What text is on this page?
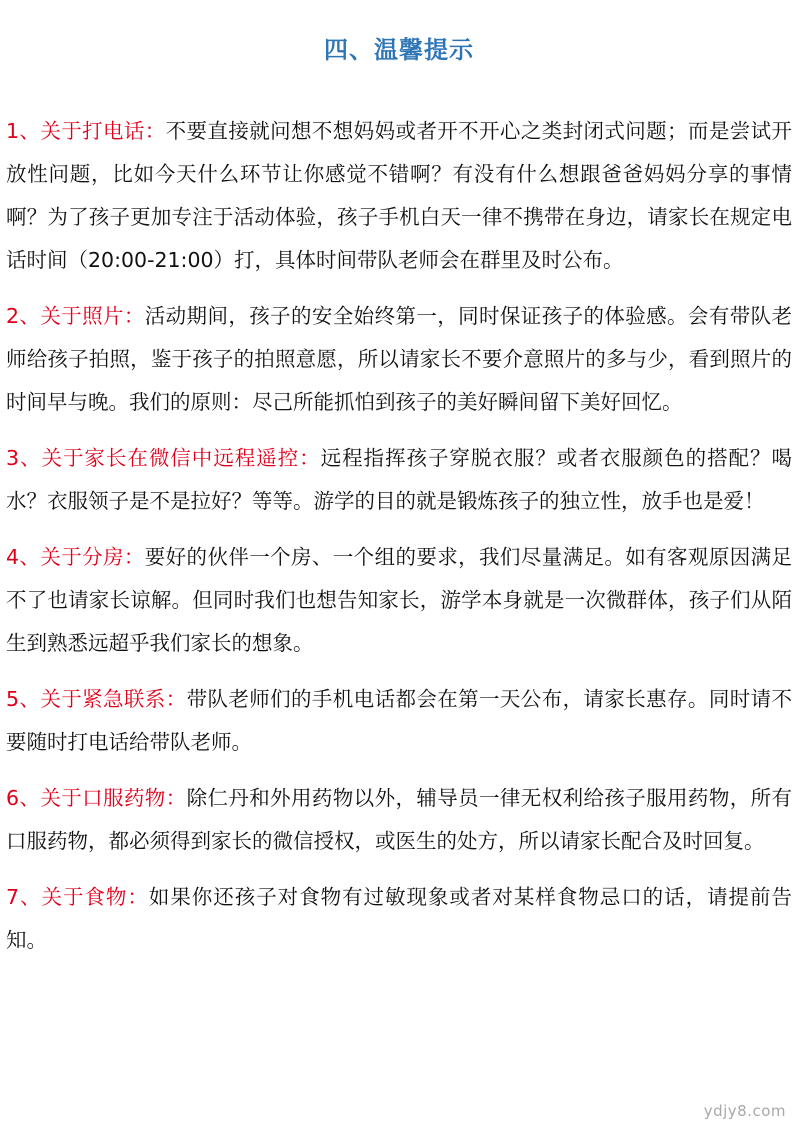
四、温馨提示
1、关于打电话：不要直接就问想不想妈妈或者开不开心之类封闭式问题；而是尝试开放性问题，比如今天什么环节让你感觉不错啊？有没有什么想跟爸爸妈妈分享的事情啊？为了孩子更加专注于活动体验，孩子手机白天一律不携带在身边，请家长在规定电话时间（20:00-21:00）打，具体时间带队老师会在群里及时公布。
2、关于照片：活动期间，孩子的安全始终第一，同时保证孩子的体验感。会有带队老师给孩子拍照，鉴于孩子的拍照意愿，所以请家长不要介意照片的多与少，看到照片的时间早与晚。我们的原则：尽己所能抓怕到孩子的美好瞬间留下美好回忆。
3、关于家长在微信中远程遥控：远程指挥孩子穿脱衣服？或者衣服颜色的搭配？喝水？衣服领子是不是拉好？等等。游学的目的就是锻炼孩子的独立性，放手也是爱！
4、关于分房：要好的伙伴一个房、一个组的要求，我们尽量满足。如有客观原因满足不了也请家长谅解。但同时我们也想告知家长，游学本身就是一次微群体，孩子们从陌生到熟悉远超乎我们家长的想象。
5、关于紧急联系：带队老师们的手机电话都会在第一天公布，请家长惠存。同时请不要随时打电话给带队老师。
6、关于口服药物：除仁丹和外用药物以外，辅导员一律无权利给孩子服用药物，所有口服药物，都必须得到家长的微信授权，或医生的处方，所以请家长配合及时回复。
7、关于食物：如果你还孩子对食物有过敏现象或者对某样食物忌口的话，请提前告知。
ydjy8.com
